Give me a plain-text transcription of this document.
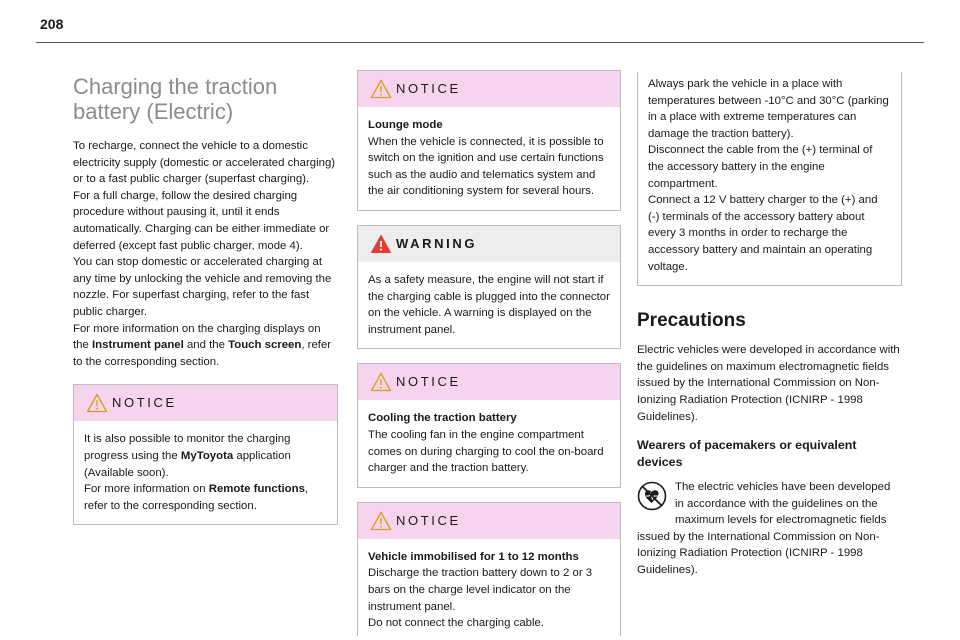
208
Charging the traction
battery (Electric)

To recharge, connect the vehicle to a domestic electricity supply (domestic or accelerated charging) or to a fast public charger (superfast charging).

For a full charge, follow the desired charging procedure without pausing it, until it ends automatically. Charging can be either immediate or deferred (except fast public charger, mode 4).

You can stop domestic or accelerated charging at any time by unlocking the vehicle and removing the nozzle. For superfast charging, refer to the fast public charger.

For more information on the charging displays on the Instrument panel and the Touch screen, refer to the corresponding section.

NOTICE

It is also possible to monitor the charging progress using the MyToyota application (Available soon).

For more information on Remote functions, refer to the corresponding section.

NOTICE

Lounge mode

When the vehicle is connected, it is possible to switch on the ignition and use certain functions such as the audio and telematics system and the air conditioning system for several hours.

WARNING

As a safety measure, the engine will not start if the charging cable is plugged into the connector on the vehicle. A warning is displayed on the instrument panel.

NOTICE

Cooling the traction battery

The cooling fan in the engine compartment comes on during charging to cool the on-board charger and the traction battery.

NOTICE

Vehicle immobilised for 1 to 12 months

Discharge the traction battery down to 2 or 3 bars on the charge level indicator on the instrument panel.

Do not connect the charging cable.

Always park the vehicle in a place with temperatures between -10°C and 30°C (parking in a place with extreme temperatures can damage the traction battery).

Disconnect the cable from the (+) terminal of the accessory battery in the engine compartment.

Connect a 12 V battery charger to the (+) and (-) terminals of the accessory battery about every 3 months in order to recharge the accessory battery and maintain an operating voltage.

Precautions

Electric vehicles were developed in accordance with the guidelines on maximum electromagnetic fields issued by the International Commission on Non-Ionizing Radiation Protection (ICNIRP - 1998 Guidelines).

Wearers of pacemakers or equivalent devices

The electric vehicles have been developed in accordance with the guidelines on the maximum levels for electromagnetic fields issued by the International Commission on Non-Ionizing Radiation Protection (ICNIRP - 1998 Guidelines).
